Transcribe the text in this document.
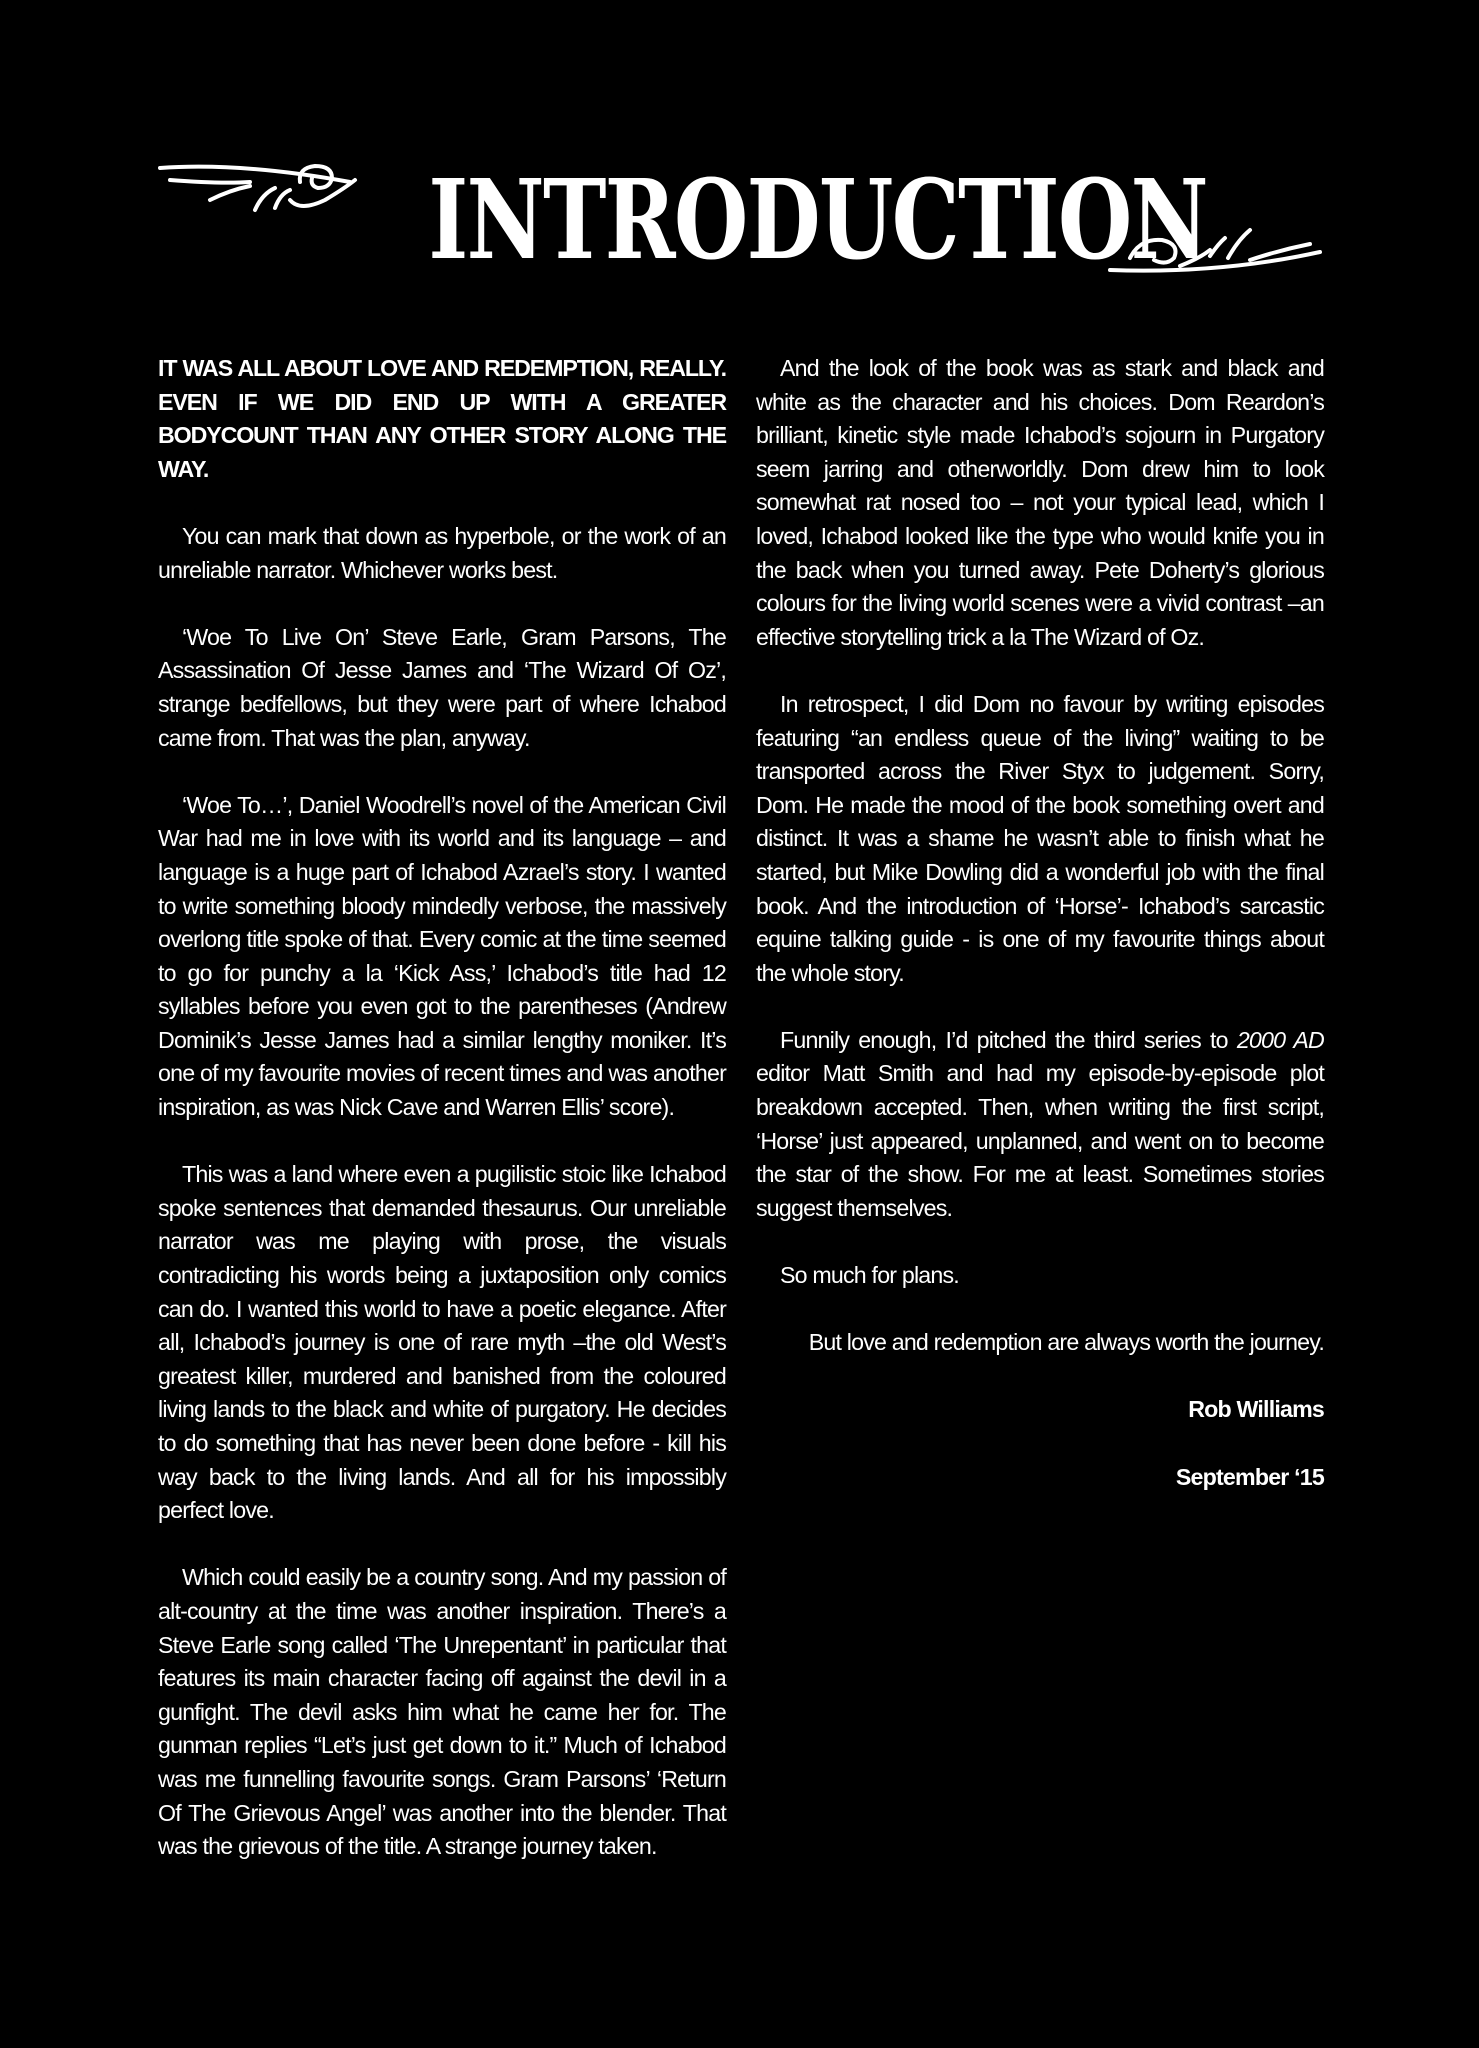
INTRODUCTION

IT WAS ALL ABOUT LOVE AND REDEMPTION, REALLY. EVEN IF WE DID END UP WITH A GREATER BODYCOUNT THAN ANY OTHER STORY ALONG THE WAY.

You can mark that down as hyperbole, or the work of an unreliable narrator. Whichever works best.

‘Woe To Live On’ Steve Earle, Gram Parsons, The Assassination Of Jesse James and ‘The Wizard Of Oz’, strange bedfellows, but they were part of where Ichabod came from. That was the plan, anyway.

‘Woe To…’, Daniel Woodrell’s novel of the American Civil War had me in love with its world and its language – and language is a huge part of Ichabod Azrael’s story. I wanted to write something bloody mindedly verbose, the massively overlong title spoke of that. Every comic at the time seemed to go for punchy a la ‘Kick Ass,’ Ichabod’s title had 12 syllables before you even got to the parentheses (Andrew Dominik’s Jesse James had a similar lengthy moniker. It’s one of my favourite movies of recent times and was another inspiration, as was Nick Cave and Warren Ellis’ score).

This was a land where even a pugilistic stoic like Ichabod spoke sentences that demanded thesaurus. Our unreliable narrator was me playing with prose, the visuals contradicting his words being a juxtaposition only comics can do. I wanted this world to have a poetic elegance. After all, Ichabod’s journey is one of rare myth –the old West’s greatest killer, murdered and banished from the coloured living lands to the black and white of purgatory. He decides to do something that has never been done before - kill his way back to the living lands. And all for his impossibly perfect love.

Which could easily be a country song. And my passion of alt-country at the time was another inspiration. There’s a Steve Earle song called ‘The Unrepentant’ in particular that features its main character facing off against the devil in a gunfight. The devil asks him what he came her for. The gunman replies “Let’s just get down to it.” Much of Ichabod was me funnelling favourite songs. Gram Parsons’ ‘Return Of The Grievous Angel’ was another into the blender. That was the grievous of the title. A strange journey taken.

And the look of the book was as stark and black and white as the character and his choices. Dom Reardon’s brilliant, kinetic style made Ichabod’s sojourn in Purgatory seem jarring and otherworldly. Dom drew him to look somewhat rat nosed too – not your typical lead, which I loved, Ichabod looked like the type who would knife you in the back when you turned away. Pete Doherty’s glorious colours for the living world scenes were a vivid contrast –an effective storytelling trick a la The Wizard of Oz.

In retrospect, I did Dom no favour by writing episodes featuring “an endless queue of the living” waiting to be transported across the River Styx to judgement. Sorry, Dom. He made the mood of the book something overt and distinct. It was a shame he wasn’t able to finish what he started, but Mike Dowling did a wonderful job with the final book. And the introduction of ‘Horse’- Ichabod’s sarcastic equine talking guide - is one of my favourite things about the whole story.

Funnily enough, I’d pitched the third series to 2000 AD editor Matt Smith and had my episode-by-episode plot breakdown accepted. Then, when writing the first script, ‘Horse’ just appeared, unplanned, and went on to become the star of the show. For me at least. Sometimes stories suggest themselves.

So much for plans.

But love and redemption are always worth the journey.

Rob Williams

September ‘15
